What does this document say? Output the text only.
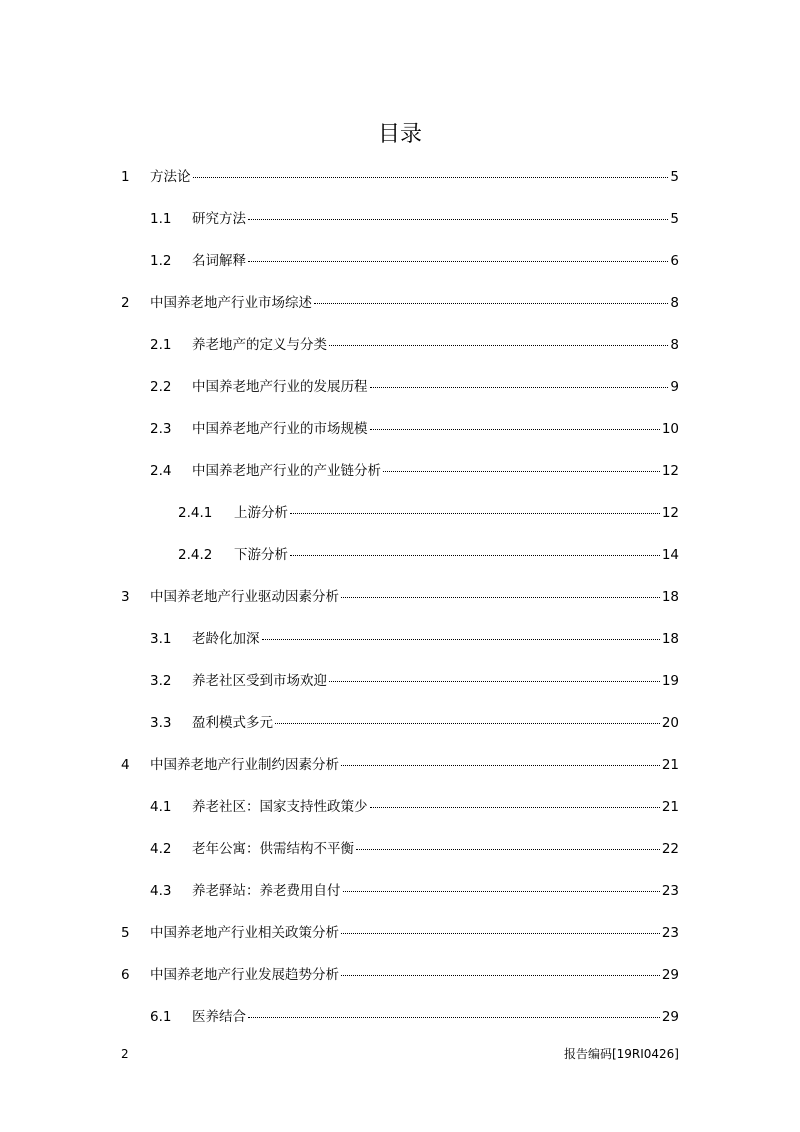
目录
1	方法论	5
1.1	研究方法	5
1.2	名词解释	6
2	中国养老地产行业市场综述	8
2.1	养老地产的定义与分类	8
2.2	中国养老地产行业的发展历程	9
2.3	中国养老地产行业的市场规模	10
2.4	中国养老地产行业的产业链分析	12
2.4.1	上游分析	12
2.4.2	下游分析	14
3	中国养老地产行业驱动因素分析	18
3.1	老龄化加深	18
3.2	养老社区受到市场欢迎	19
3.3	盈利模式多元	20
4	中国养老地产行业制约因素分析	21
4.1	养老社区：国家支持性政策少	21
4.2	老年公寓：供需结构不平衡	22
4.3	养老驿站：养老费用自付	23
5	中国养老地产行业相关政策分析	23
6	中国养老地产行业发展趋势分析	29
6.1	医养结合	29
2	报告编码[19RI0426]
